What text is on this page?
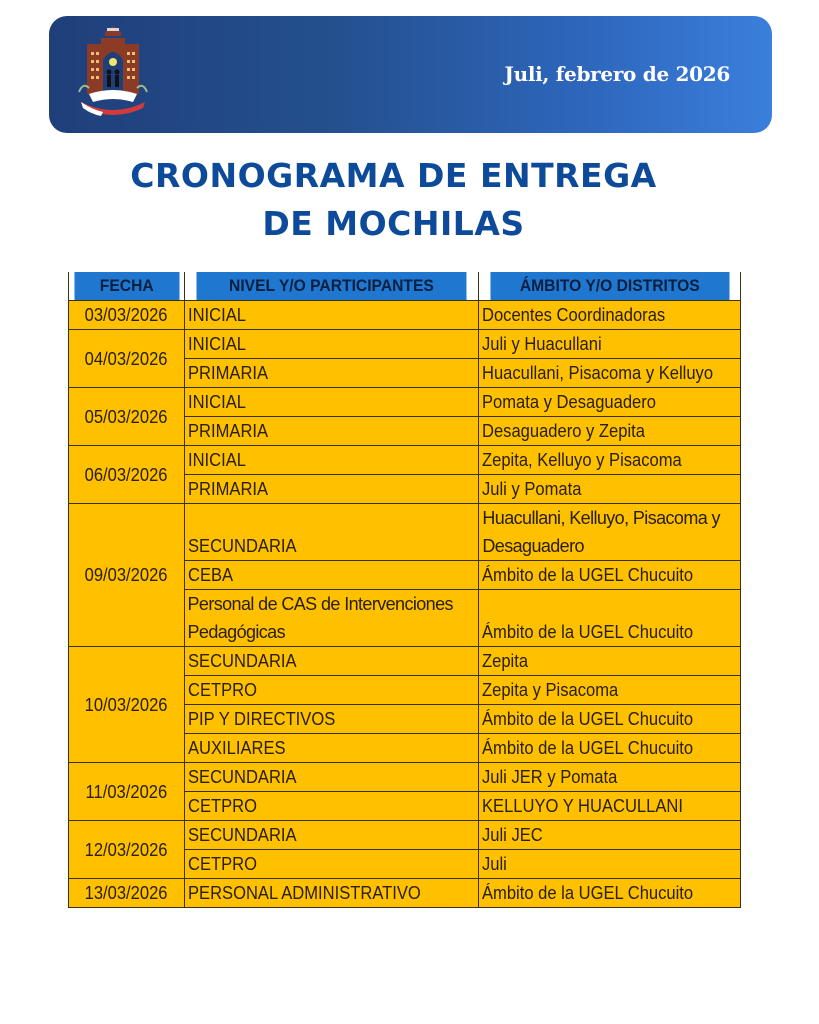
Juli, febrero de 2026
CRONOGRAMA DE ENTREGA
DE MOCHILAS
FECHA	NIVEL Y/O PARTICIPANTES	ÁMBITO Y/O DISTRITOS
03/03/2026	INICIAL	Docentes Coordinadoras
04/03/2026	INICIAL	Juli y Huacullani
	PRIMARIA	Huacullani, Pisacoma y Kelluyo
05/03/2026	INICIAL	Pomata y Desaguadero
	PRIMARIA	Desaguadero y Zepita
06/03/2026	INICIAL	Zepita, Kelluyo y Pisacoma
	PRIMARIA	Juli y Pomata
09/03/2026	SECUNDARIA	Huacullani, Kelluyo, Pisacoma y Desaguadero

	CEBA	Ámbito de la UGEL Chucuito

	Personal de CAS de Intervenciones Pedagógicas	Ámbito de la UGEL Chucuito
10/03/2026	SECUNDARIA	Zepita
	CETPRO	Zepita y Pisacoma
	PIP Y DIRECTIVOS	Ámbito de la UGEL Chucuito
	AUXILIARES	Ámbito de la UGEL Chucuito
11/03/2026	SECUNDARIA	Juli JER y Pomata
	CETPRO	KELLUYO Y HUACULLANI
12/03/2026	SECUNDARIA	Juli JEC
	CETPRO	Juli
13/03/2026	PERSONAL ADMINISTRATIVO	Ámbito de la UGEL Chucuito
